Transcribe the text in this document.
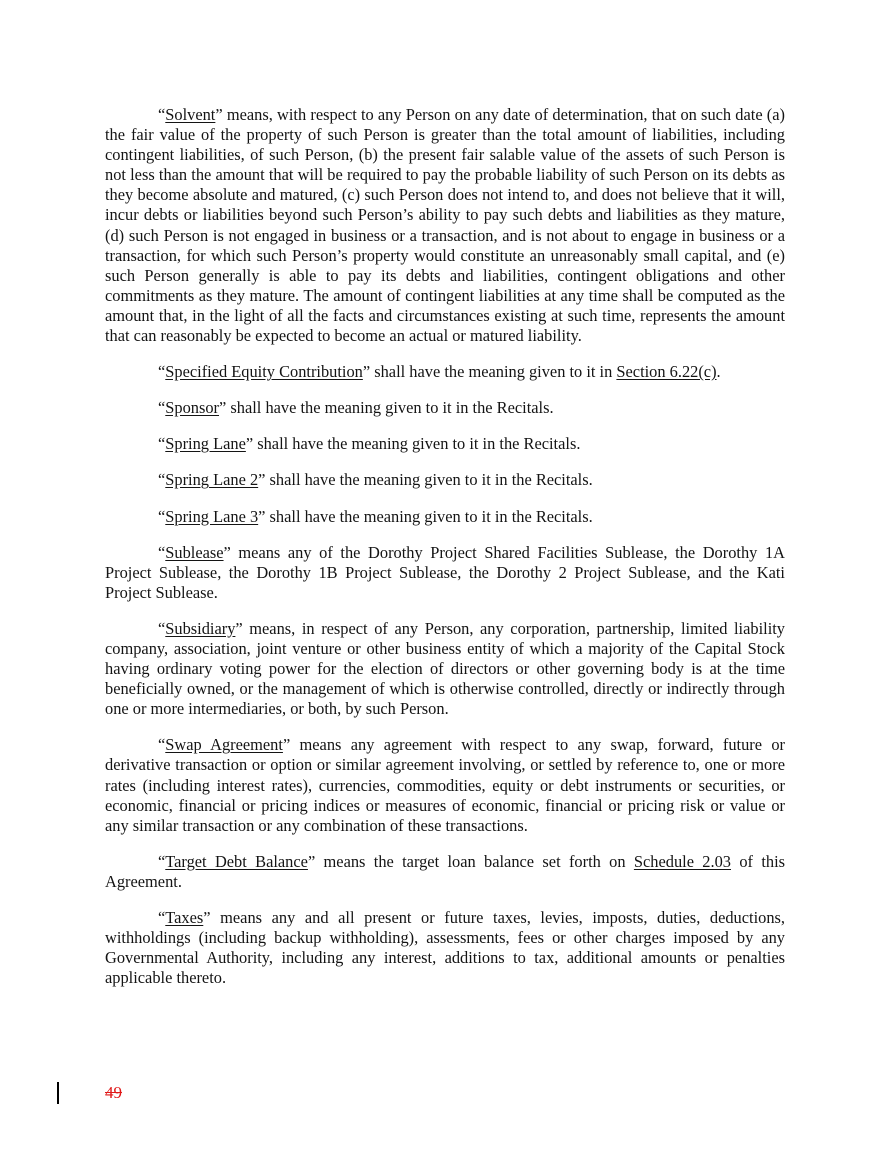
“Solvent” means, with respect to any Person on any date of determination, that on such date (a) the fair value of the property of such Person is greater than the total amount of liabilities, including contingent liabilities, of such Person, (b) the present fair salable value of the assets of such Person is not less than the amount that will be required to pay the probable liability of such Person on its debts as they become absolute and matured, (c) such Person does not intend to, and does not believe that it will, incur debts or liabilities beyond such Person’s ability to pay such debts and liabilities as they mature, (d) such Person is not engaged in business or a transaction, and is not about to engage in business or a transaction, for which such Person’s property would constitute an unreasonably small capital, and (e) such Person generally is able to pay its debts and liabilities, contingent obligations and other commitments as they mature. The amount of contingent liabilities at any time shall be computed as the amount that, in the light of all the facts and circumstances existing at such time, represents the amount that can reasonably be expected to become an actual or matured liability.

“Specified Equity Contribution” shall have the meaning given to it in Section 6.22(c).

“Sponsor” shall have the meaning given to it in the Recitals.

“Spring Lane” shall have the meaning given to it in the Recitals.

“Spring Lane 2” shall have the meaning given to it in the Recitals.

“Spring Lane 3” shall have the meaning given to it in the Recitals.

“Sublease” means any of the Dorothy Project Shared Facilities Sublease, the Dorothy 1A Project Sublease, the Dorothy 1B Project Sublease, the Dorothy 2 Project Sublease, and the Kati Project Sublease.

“Subsidiary” means, in respect of any Person, any corporation, partnership, limited liability company, association, joint venture or other business entity of which a majority of the Capital Stock having ordinary voting power for the election of directors or other governing body is at the time beneficially owned, or the management of which is otherwise controlled, directly or indirectly through one or more intermediaries, or both, by such Person.

“Swap Agreement” means any agreement with respect to any swap, forward, future or derivative transaction or option or similar agreement involving, or settled by reference to, one or more rates (including interest rates), currencies, commodities, equity or debt instruments or securities, or economic, financial or pricing indices or measures of economic, financial or pricing risk or value or any similar transaction or any combination of these transactions.

“Target Debt Balance” means the target loan balance set forth on Schedule 2.03 of this Agreement.

“Taxes” means any and all present or future taxes, levies, imposts, duties, deductions, withholdings (including backup withholding), assessments, fees or other charges imposed by any Governmental Authority, including any interest, additions to tax, additional amounts or penalties applicable thereto.

49
